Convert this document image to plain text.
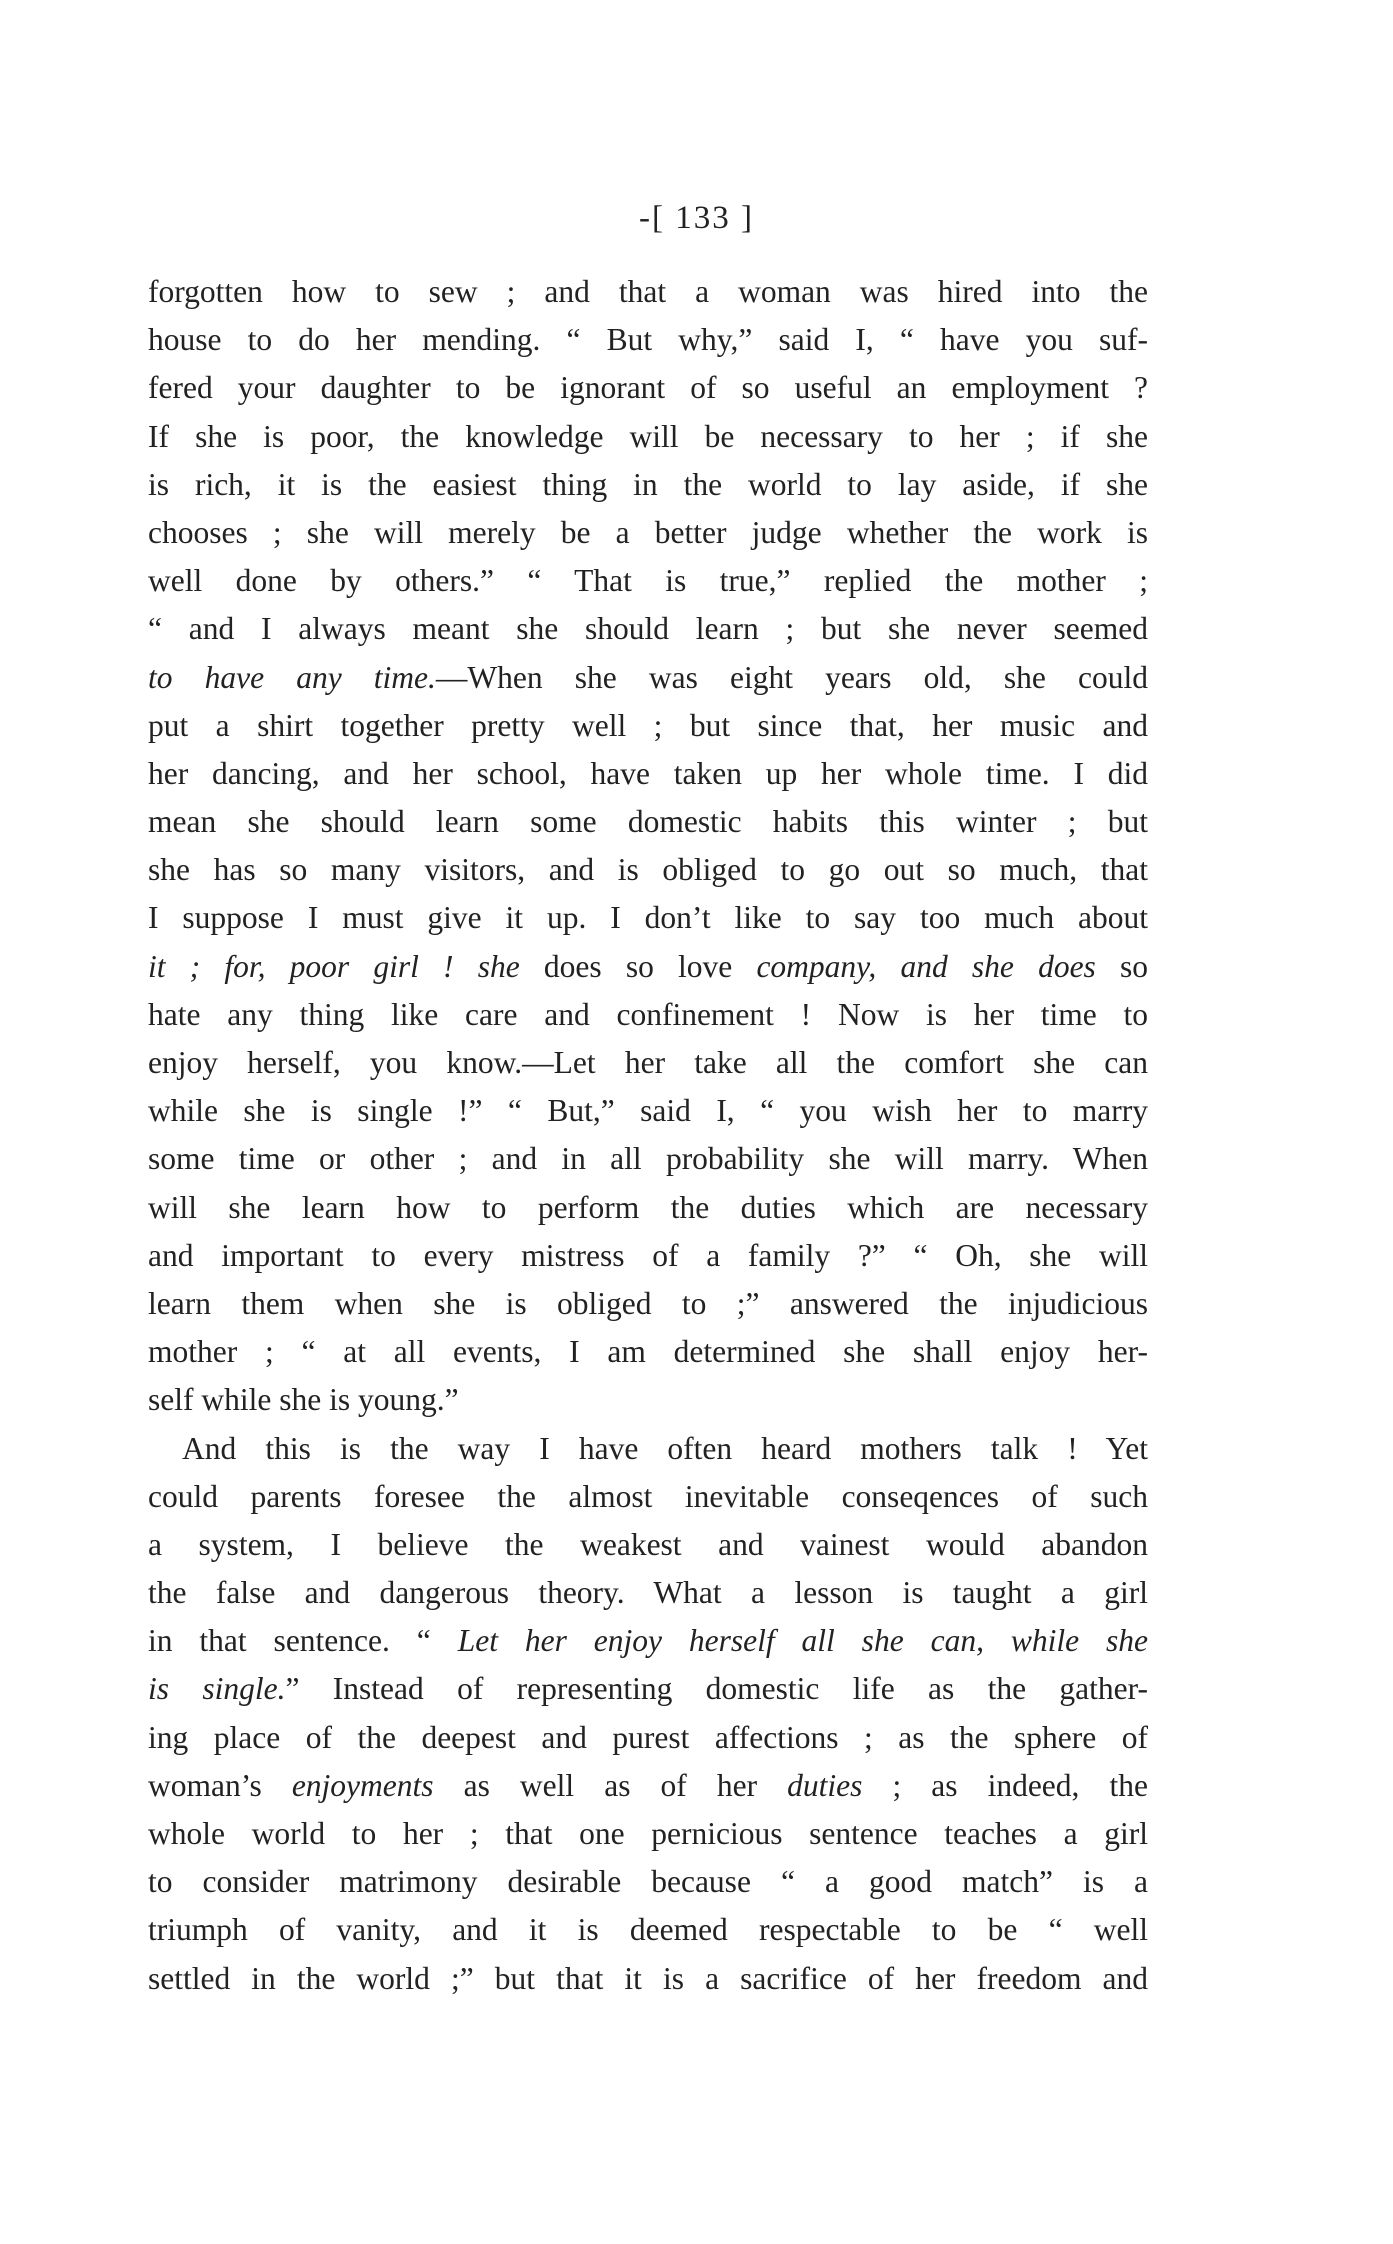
-[ 133 ]
forgotten how to sew ; and that a woman was hired into the
house to do her mending. “ But why,” said I, “ have you suf-
fered your daughter to be ignorant of so useful an employment ?
If she is poor, the knowledge will be necessary to her ; if she
is rich, it is the easiest thing in the world to lay aside, if she
chooses ; she will merely be a better judge whether the work is
well done by others.” “ That is true,” replied the mother ;
“ and I always meant she should learn ; but she never seemed
to have any time.—When she was eight years old, she could
put a shirt together pretty well ; but since that, her music and
her dancing, and her school, have taken up her whole time. I did
mean she should learn some domestic habits this winter ; but
she has so many visitors, and is obliged to go out so much, that
I suppose I must give it up. I don’t like to say too much about
it ; for, poor girl ! she does so love company, and she does so
hate any thing like care and confinement ! Now is her time to
enjoy herself, you know.—Let her take all the comfort she can
while she is single !” “ But,” said I, “ you wish her to marry
some time or other ; and in all probability she will marry. When
will she learn how to perform the duties which are necessary
and important to every mistress of a family ?” “ Oh, she will
learn them when she is obliged to ;” answered the injudicious
mother ; “ at all events, I am determined she shall enjoy her-
self while she is young.”
And this is the way I have often heard mothers talk ! Yet
could parents foresee the almost inevitable conseqences of such
a system, I believe the weakest and vainest would abandon
the false and dangerous theory. What a lesson is taught a girl
in that sentence. “ Let her enjoy herself all she can, while she
is single.” Instead of representing domestic life as the gather-
ing place of the deepest and purest affections ; as the sphere of
woman’s enjoyments as well as of her duties ; as indeed, the
whole world to her ; that one pernicious sentence teaches a girl
to consider matrimony desirable because “ a good match” is a
triumph of vanity, and it is deemed respectable to be “ well
settled in the world ;” but that it is a sacrifice of her freedom and
